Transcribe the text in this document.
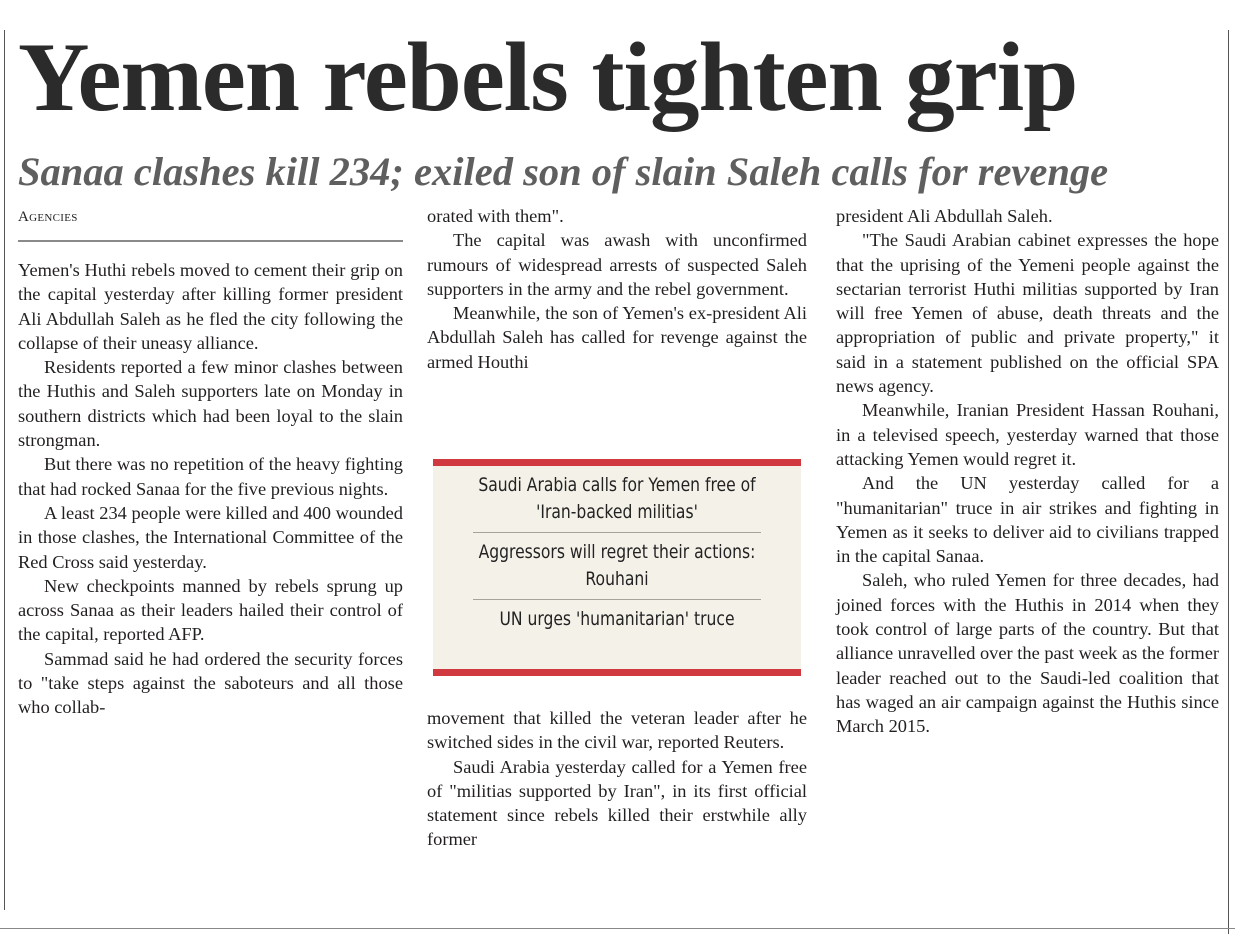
Yemen rebels tighten grip
Sanaa clashes kill 234; exiled son of slain Saleh calls for revenge
Agencies

Yemen's Huthi rebels moved to cement their grip on the capital yesterday after killing former president Ali Abdullah Saleh as he fled the city following the collapse of their uneasy alliance.

Residents reported a few minor clashes between the Huthis and Saleh supporters late on Monday in southern districts which had been loyal to the slain strongman.

But there was no repetition of the heavy fighting that had rocked Sanaa for the five previous nights.

A least 234 people were killed and 400 wounded in those clashes, the International Committee of the Red Cross said yesterday.

New checkpoints manned by rebels sprung up across Sanaa as their leaders hailed their control of the capital, reported AFP.

Sammad said he had ordered the security forces to "take steps against the saboteurs and all those who collab-

orated with them".

The capital was awash with unconfirmed rumours of widespread arrests of suspected Saleh supporters in the army and the rebel government.

Meanwhile, the son of Yemen's ex-president Ali Abdullah Saleh has called for revenge against the armed Houthi

Saudi Arabia calls for Yemen free of 'Iran-backed militias'
Aggressors will regret their actions: Rouhani
UN urges 'humanitarian' truce

movement that killed the veteran leader after he switched sides in the civil war, reported Reuters.

Saudi Arabia yesterday called for a Yemen free of "militias supported by Iran", in its first official statement since rebels killed their erstwhile ally former

president Ali Abdullah Saleh.

"The Saudi Arabian cabinet expresses the hope that the uprising of the Yemeni people against the sectarian terrorist Huthi militias supported by Iran will free Yemen of abuse, death threats and the appropriation of public and private property," it said in a statement published on the official SPA news agency.

Meanwhile, Iranian President Hassan Rouhani, in a televised speech, yesterday warned that those attacking Yemen would regret it.

And the UN yesterday called for a "humanitarian" truce in air strikes and fighting in Yemen as it seeks to deliver aid to civilians trapped in the capital Sanaa.

Saleh, who ruled Yemen for three decades, had joined forces with the Huthis in 2014 when they took control of large parts of the country. But that alliance unravelled over the past week as the former leader reached out to the Saudi-led coalition that has waged an air campaign against the Huthis since March 2015.
